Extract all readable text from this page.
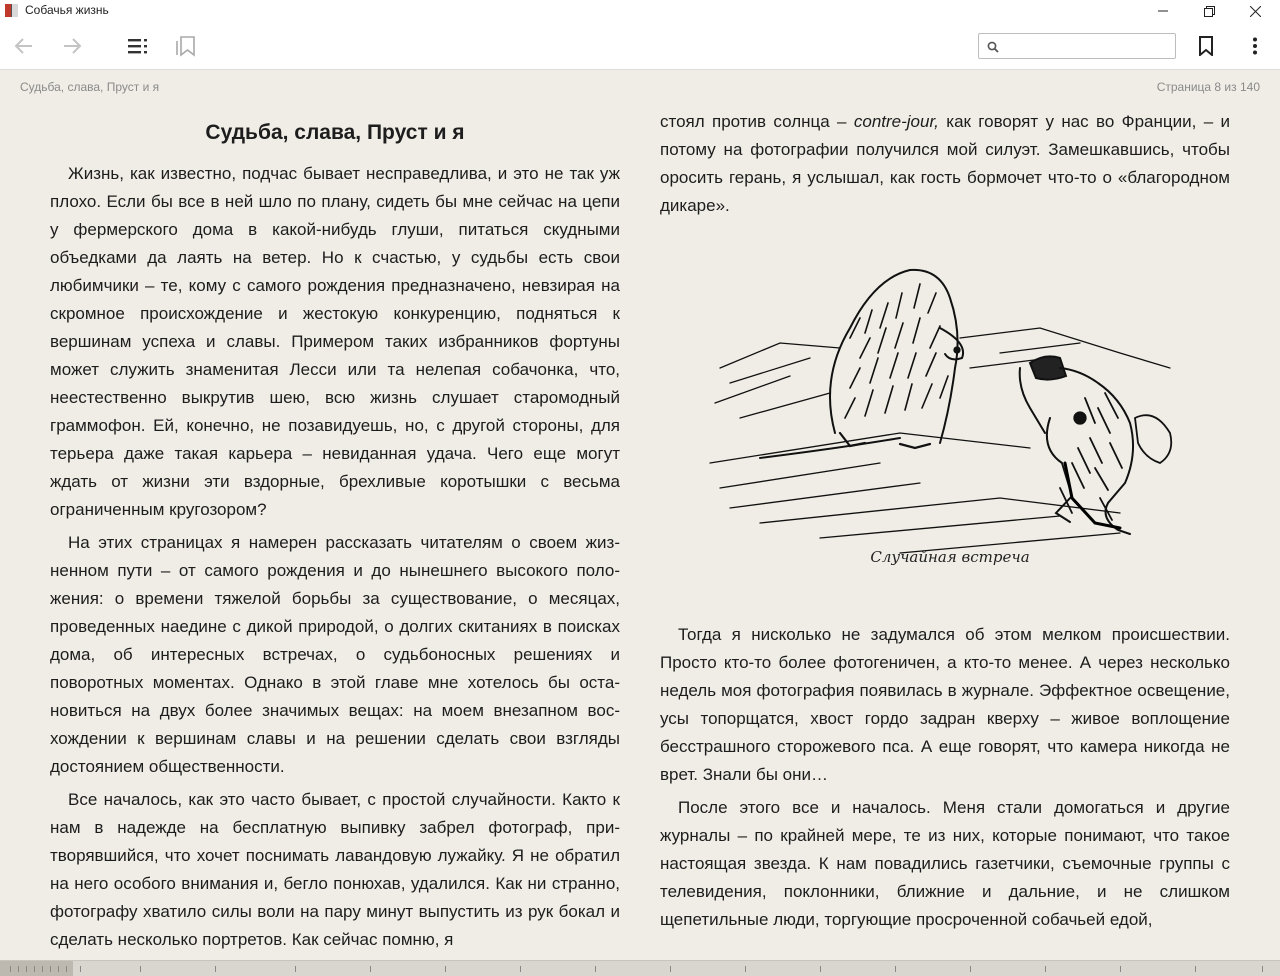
Собачья жизнь
Судьба, слава, Пруст и я	Страница 8 из 140
Судьба, слава, Пруст и я

Жизнь, как известно, подчас бывает несправедлива, и это не так уж плохо. Если бы все в ней шло по плану, сидеть бы мне сейчас на цепи у фермерского дома в какой-нибудь глуши, питаться скудными объедками да лаять на ветер. Но к счастью, у судьбы есть свои любимчики – те, кому с самого рождения предназначено, невзирая на скромное происхождение и жестокую конкуренцию, подняться к вершинам успеха и славы. Примером таких избранников фортуны может служить знаменитая Лесси или та нелепая собачонка, что, неестественно выкрутив шею, всю жизнь слушает старомодный граммофон. Ей, конечно, не позавидуешь, но, с другой стороны, для терьера даже такая карьера – невиданная удача. Чего еще могут ждать от жизни эти вздорные, брехливые коротышки с весьма ограниченным кругозором?

На этих страницах я намерен рассказать читателям о своем жизненном пути – от самого рождения и до нынешнего высокого положения: о времени тяжелой борьбы за существование, о месяцах, проведенных наедине с дикой природой, о долгих скитаниях в поисках дома, об интересных встречах, о судьбоносных решениях и поворотных моментах. Однако в этой главе мне хотелось бы остановиться на двух более значимых вещах: на моем внезапном восхождении к вершинам славы и на решении сделать свои взгляды достоянием общественности.

Все началось, как это часто бывает, с простой случайности. Както к нам в надежде на бесплатную выпивку забрел фотограф, притворявшийся, что хочет поснимать лавандовую лужайку. Я не обратил на него особого внимания и, бегло понюхав, удалился. Как ни странно, фотографу хватило силы воли на пару минут выпустить из рук бокал и сделать несколько портретов. Как сейчас помню, я

стоял против солнца – contre-jour, как говорят у нас во Франции, – и потому на фотографии получился мой силуэт. Замешкавшись, чтобы оросить герань, я услышал, как гость бормочет что-то о «благородном дикаре».

Случайная встреча

Тогда я нисколько не задумался об этом мелком происшествии. Просто кто-то более фотогеничен, а кто-то менее. А через несколько недель моя фотография появилась в журнале. Эффектное освещение, усы топорщатся, хвост гордо задран кверху – живое воплощение бесстрашного сторожевого пса. А еще говорят, что камера никогда не врет. Знали бы они…

После этого все и началось. Меня стали домогаться и другие журналы – по крайней мере, те из них, которые понимают, что такое настоящая звезда. К нам повадились газетчики, съемочные группы с телевидения, поклонники, ближние и дальние, и не слишком щепетильные люди, торгующие просроченной собачьей едой,
